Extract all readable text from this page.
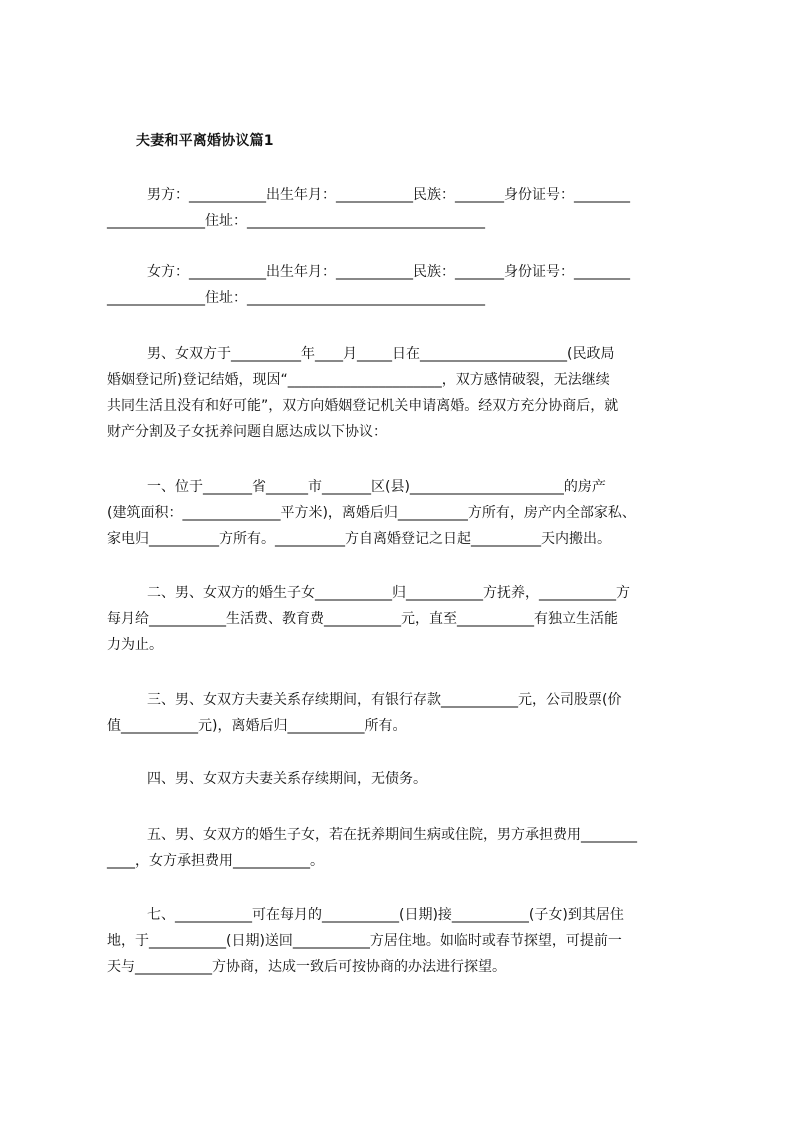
夫妻和平离婚协议篇1
男方：___________出生年月：___________民族：_______身份证号：________
______________住址：__________________________________
女方：___________出生年月：___________民族：_______身份证号：________
______________住址：__________________________________
男、女双方于__________年____月_____日在_____________________(民政局
婚姻登记所)登记结婚，现因“______________________，双方感情破裂，无法继续
共同生活且没有和好可能”，双方向婚姻登记机关申请离婚。经双方充分协商后，就
财产分割及子女抚养问题自愿达成以下协议：
一、位于_______省______市_______区(县)______________________的房产
(建筑面积：______________平方米)，离婚后归__________方所有，房产内全部家私、
家电归__________方所有。__________方自离婚登记之日起__________天内搬出。
二、男、女双方的婚生子女___________归___________方抚养，___________方
每月给___________生活费、教育费___________元，直至___________有独立生活能
力为止。
三、男、女双方夫妻关系存续期间，有银行存款___________元，公司股票(价
值___________元)，离婚后归___________所有。
四、男、女双方夫妻关系存续期间，无债务。
五、男、女双方的婚生子女，若在抚养期间生病或住院，男方承担费用________
____，女方承担费用___________。
七、___________可在每月的___________(日期)接___________(子女)到其居住
地，于___________(日期)送回___________方居住地。如临时或春节探望，可提前一
天与___________方协商，达成一致后可按协商的办法进行探望。
